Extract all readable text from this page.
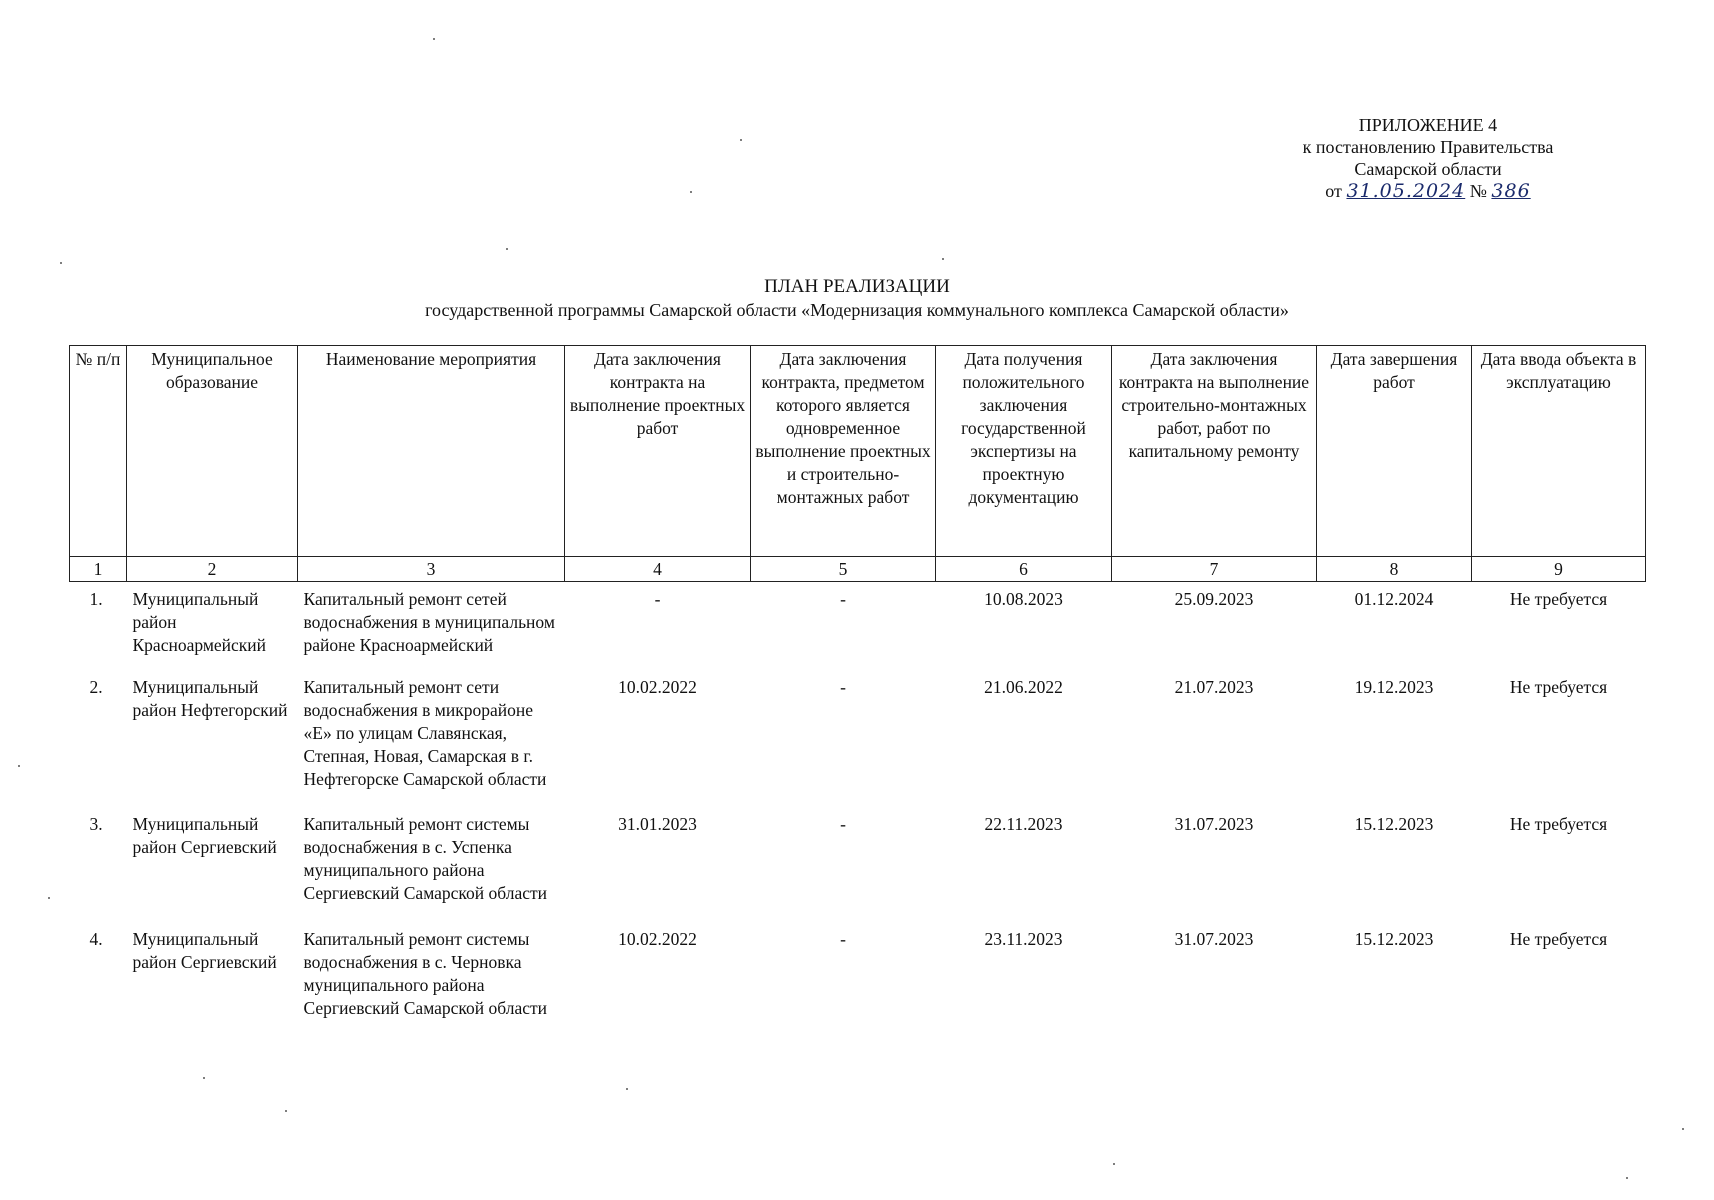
ПРИЛОЖЕНИЕ 4
к постановлению Правительства
Самарской области
от 31.05.2024 № 386
ПЛАН РЕАЛИЗАЦИИ
государственной программы Самарской области «Модернизация коммунального комплекса Самарской области»
№ п/п	Муниципальное образование	Наименование мероприятия	Дата заключения контракта на выполнение проектных работ	Дата заключения контракта, предметом которого является одновременное выполнение проектных и строительно-монтажных работ	Дата получения положительного заключения государственной экспертизы на проектную документацию	Дата заключения контракта на выполнение строительно-монтажных работ, работ по капитальному ремонту	Дата завершения работ	Дата ввода объекта в эксплуатацию
1	2	3	4	5	6	7	8	9
1.	Муниципальный район Красноармейский	Капитальный ремонт сетей водоснабжения в муниципальном районе Красноармейский	-	-	10.08.2023	25.09.2023	01.12.2024	Не требуется
2.	Муниципальный район Нефтегорский	Капитальный ремонт сети водоснабжения в микрорайоне «Е» по улицам Славянская, Степная, Новая, Самарская в г. Нефтегорске Самарской области	10.02.2022	-	21.06.2022	21.07.2023	19.12.2023	Не требуется
3.	Муниципальный район Сергиевский	Капитальный ремонт системы водоснабжения в с. Успенка муниципального района Сергиевский Самарской области	31.01.2023	-	22.11.2023	31.07.2023	15.12.2023	Не требуется
4.	Муниципальный район Сергиевский	Капитальный ремонт системы водоснабжения в с. Черновка муниципального района Сергиевский Самарской области	10.02.2022	-	23.11.2023	31.07.2023	15.12.2023	Не требуется
